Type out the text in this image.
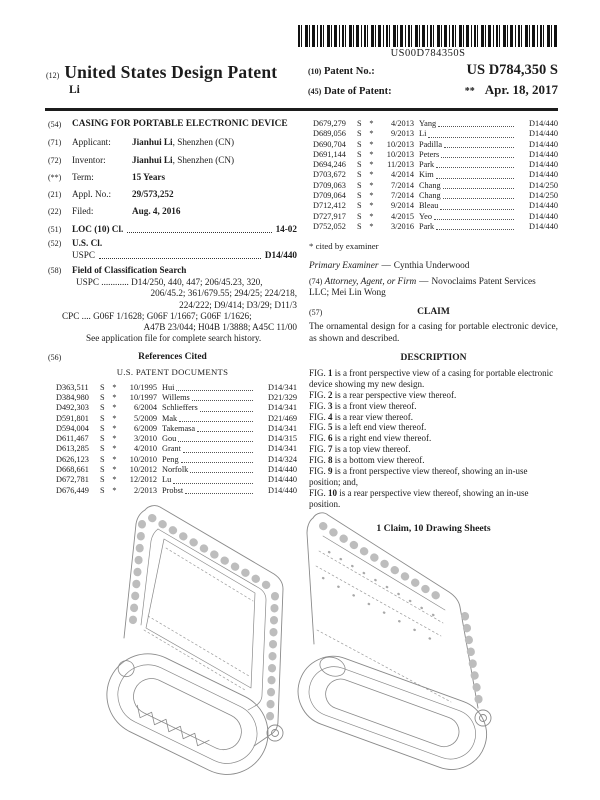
US00D784350S
(12) United States Design Patent
Li
(10) Patent No.:	US D784,350 S
(45) Date of Patent:	** Apr. 18, 2017
(54)	CASING FOR PORTABLE ELECTRONIC DEVICE
(71)	Applicant:	Jianhui Li, Shenzhen (CN)
(72)	Inventor:	Jianhui Li, Shenzhen (CN)
(**)	Term:	15 Years
(21)	Appl. No.:	29/573,252
(22)	Filed:	Aug. 4, 2016
(51)	LOC (10) Cl.	14-02
(52)	U.S. Cl.
USPC	D14/440
(58)	Field of Classification Search
USPC ............ D14/250, 440, 447; 206/45.23, 320,
206/45.2; 361/679.55; 294/25; 224/218,
224/222; D9/414; D3/29; D11/3
CPC .... G06F 1/1628; G06F 1/1667; G06F 1/1626;
A47B 23/044; H04B 1/3888; A45C 11/00
See application file for complete search history.
(56)	References Cited
U.S. PATENT DOCUMENTS
D363,511	S *	10/1995 Hui	D14/341
D384,980	S *	10/1997 Willems	D21/329
D492,303	S *	6/2004 Schlieffers	D14/341
D591,801	S *	5/2009 Mak	D21/469
D594,004	S *	6/2009 Takemasa	D14/341
D611,467	S *	3/2010 Gou	D14/315
D613,285	S *	4/2010 Grant	D14/341
D626,123	S *	10/2010 Peng	D14/324
D668,661	S *	10/2012 Norfolk	D14/440
D672,781	S *	12/2012 Lu	D14/440
D676,449	S *	2/2013 Probst	D14/440
D679,279	S *	4/2013 Yang	D14/440
D689,056	S *	9/2013 Li	D14/440
D690,704	S *	10/2013 Padilla	D14/440
D691,144	S *	10/2013 Peters	D14/440
D694,246	S *	11/2013 Park	D14/440
D703,672	S *	4/2014 Kim	D14/440
D709,063	S *	7/2014 Chang	D14/250
D709,064	S *	7/2014 Chang	D14/250
D712,412	S *	9/2014 Bleau	D14/440
D727,917	S *	4/2015 Yeo	D14/440
D752,052	S *	3/2016 Park	D14/440
* cited by examiner
Primary Examiner — Cynthia Underwood
(74) Attorney, Agent, or Firm — Novoclaims Patent Services LLC; Mei Lin Wong
(57)	CLAIM
The ornamental design for a casing for portable electronic device, as shown and described.
DESCRIPTION
FIG. 1 is a front perspective view of a casing for portable electronic device showing my new design.
FIG. 2 is a rear perspective view thereof.
FIG. 3 is a front view thereof.
FIG. 4 is a rear view thereof.
FIG. 5 is a left end view thereof.
FIG. 6 is a right end view thereof.
FIG. 7 is a top view thereof.
FIG. 8 is a bottom view thereof.
FIG. 9 is a front perspective view thereof, showing an in-use position; and,
FIG. 10 is a rear perspective view thereof, showing an in-use position.
1 Claim, 10 Drawing Sheets
